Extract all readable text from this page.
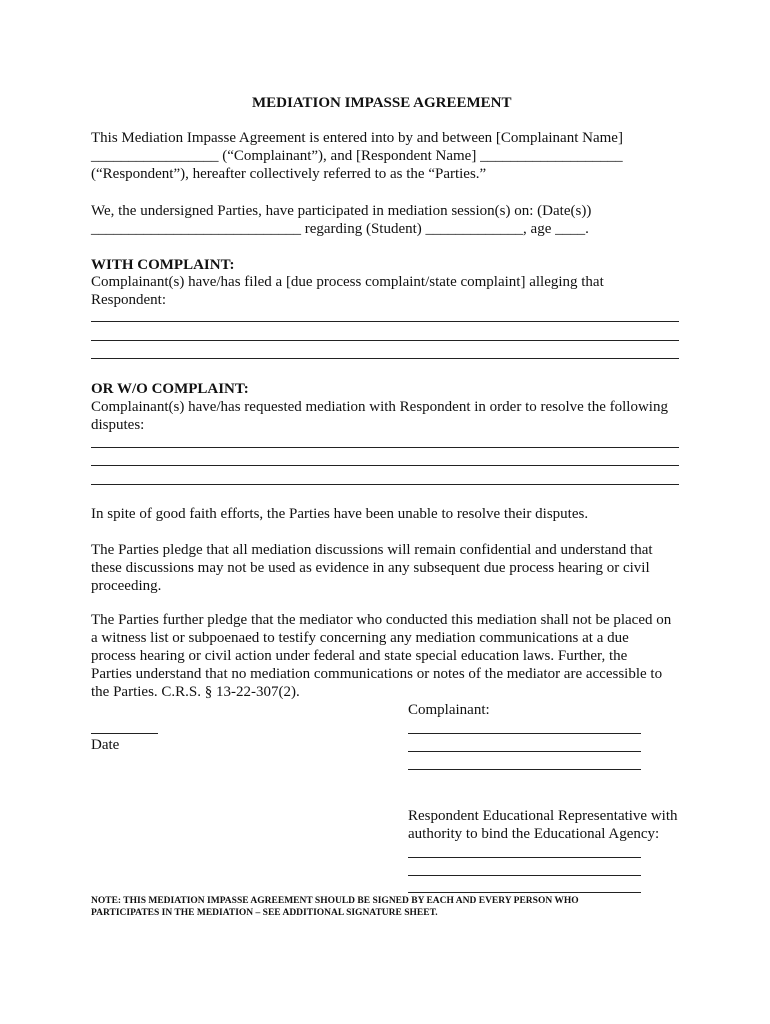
MEDIATION IMPASSE AGREEMENT
This Mediation Impasse Agreement is entered into by and between [Complainant Name]
_________________ (“Complainant”), and [Respondent Name] ___________________
(“Respondent”), hereafter collectively referred to as the “Parties.”
We, the undersigned Parties, have participated in mediation session(s) on: (Date(s))
____________________________ regarding (Student) _____________, age ____.
WITH COMPLAINT:
Complainant(s) have/has filed a [due process complaint/state complaint] alleging that
Respondent:
OR W/O COMPLAINT:
Complainant(s) have/has requested mediation with Respondent in order to resolve the following
disputes:
In spite of good faith efforts, the Parties have been unable to resolve their disputes.
The Parties pledge that all mediation discussions will remain confidential and understand that
these discussions may not be used as evidence in any subsequent due process hearing or civil
proceeding.
The Parties further pledge that the mediator who conducted this mediation shall not be placed on
a witness list or subpoenaed to testify concerning any mediation communications at a due
process hearing or civil action under federal and state special education laws. Further, the
Parties understand that no mediation communications or notes of the mediator are accessible to
the Parties. C.R.S. § 13-22-307(2).
Complainant:
Date
Respondent Educational Representative with
authority to bind the Educational Agency:
NOTE: THIS MEDIATION IMPASSE AGREEMENT SHOULD BE SIGNED BY EACH AND EVERY PERSON WHO
PARTICIPATES IN THE MEDIATION – SEE ADDITIONAL SIGNATURE SHEET.
